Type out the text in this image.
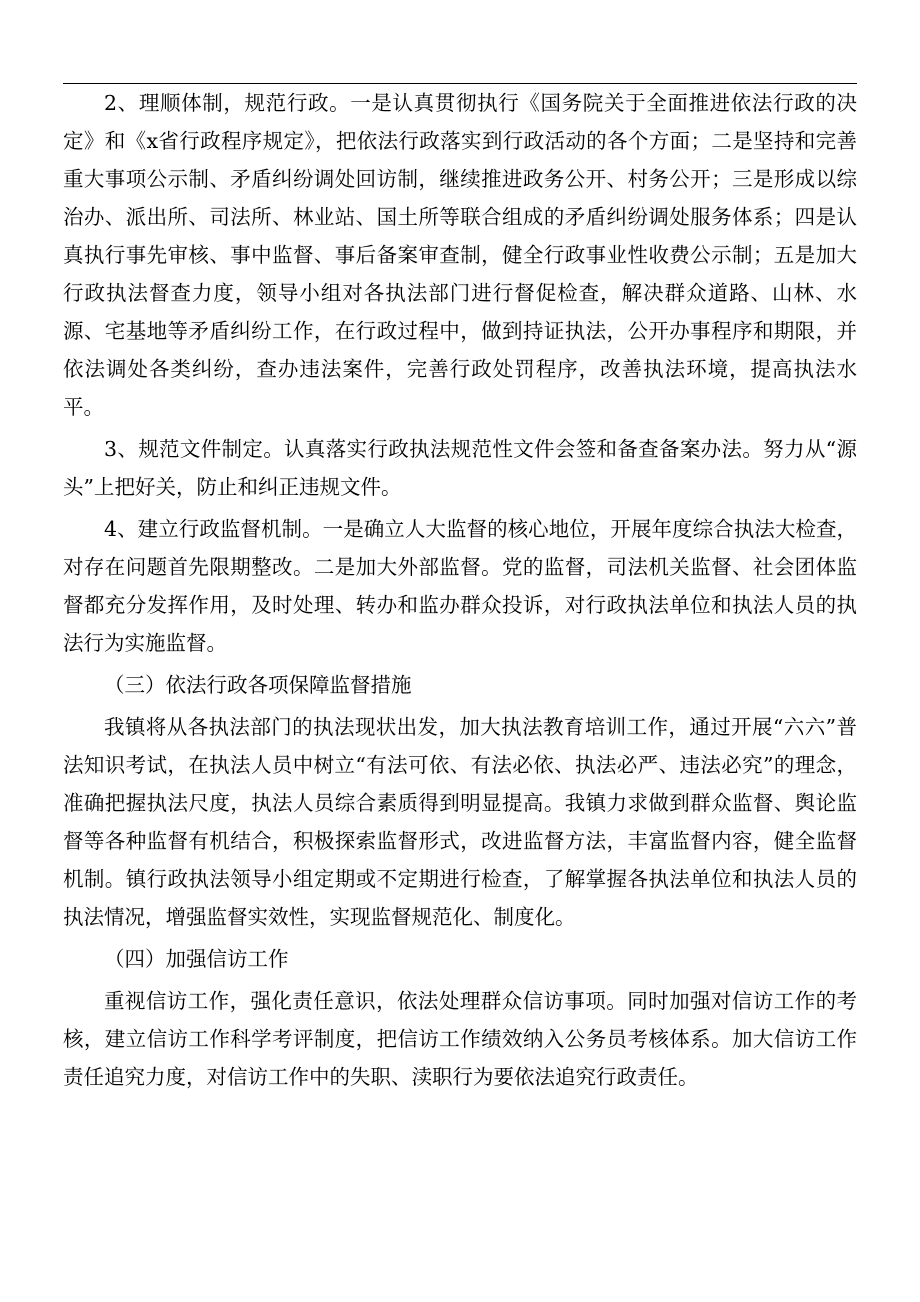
2、理顺体制，规范行政。一是认真贯彻执行《国务院关于全面推进依法行政的决定》和《x省行政程序规定》，把依法行政落实到行政活动的各个方面；二是坚持和完善重大事项公示制、矛盾纠纷调处回访制，继续推进政务公开、村务公开；三是形成以综治办、派出所、司法所、林业站、国土所等联合组成的矛盾纠纷调处服务体系；四是认真执行事先审核、事中监督、事后备案审查制，健全行政事业性收费公示制；五是加大行政执法督查力度，领导小组对各执法部门进行督促检查，解决群众道路、山林、水源、宅基地等矛盾纠纷工作，在行政过程中，做到持证执法，公开办事程序和期限，并依法调处各类纠纷，查办违法案件，完善行政处罚程序，改善执法环境，提高执法水平。

3、规范文件制定。认真落实行政执法规范性文件会签和备查备案办法。努力从“源头”上把好关，防止和纠正违规文件。

4、建立行政监督机制。一是确立人大监督的核心地位，开展年度综合执法大检查，对存在问题首先限期整改。二是加大外部监督。党的监督，司法机关监督、社会团体监督都充分发挥作用，及时处理、转办和监办群众投诉，对行政执法单位和执法人员的执法行为实施监督。

（三）依法行政各项保障监督措施

我镇将从各执法部门的执法现状出发，加大执法教育培训工作，通过开展“六六”普法知识考试，在执法人员中树立“有法可依、有法必依、执法必严、违法必究”的理念，准确把握执法尺度，执法人员综合素质得到明显提高。我镇力求做到群众监督、舆论监督等各种监督有机结合，积极探索监督形式，改进监督方法，丰富监督内容，健全监督机制。镇行政执法领导小组定期或不定期进行检查，了解掌握各执法单位和执法人员的执法情况，增强监督实效性，实现监督规范化、制度化。

（四）加强信访工作

重视信访工作，强化责任意识，依法处理群众信访事项。同时加强对信访工作的考核，建立信访工作科学考评制度，把信访工作绩效纳入公务员考核体系。加大信访工作责任追究力度，对信访工作中的失职、渎职行为要依法追究行政责任。
